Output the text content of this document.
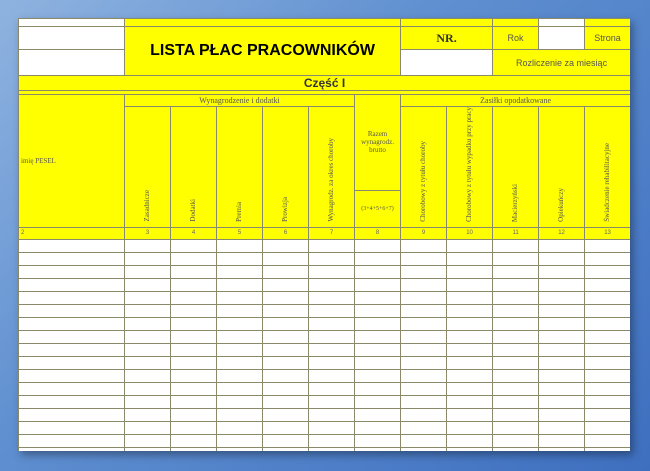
	LISTA PŁAC PRACOWNIKÓW						NR.		Rok		Strona
									Rozliczenie za miesiąc		
Część I											

imię PESEL	Wynagrodzenie i dodatki					Razem wynagrodz. brutto	Zasiłki opodatkowane				
	Zasadnicze	Dodatki	Premia	Prowizja	Wynagrodz. za okres choroby		Chorobowy z tytułu choroby	Chorobowy z tytułu wypadku przy pracy	Macierzyński	Opiekuńczy	Świadczenie rehabilitacyjne
						(3+4+5+6+7)					
2	3	4	5	6	7	8	9	10	11	12	13
